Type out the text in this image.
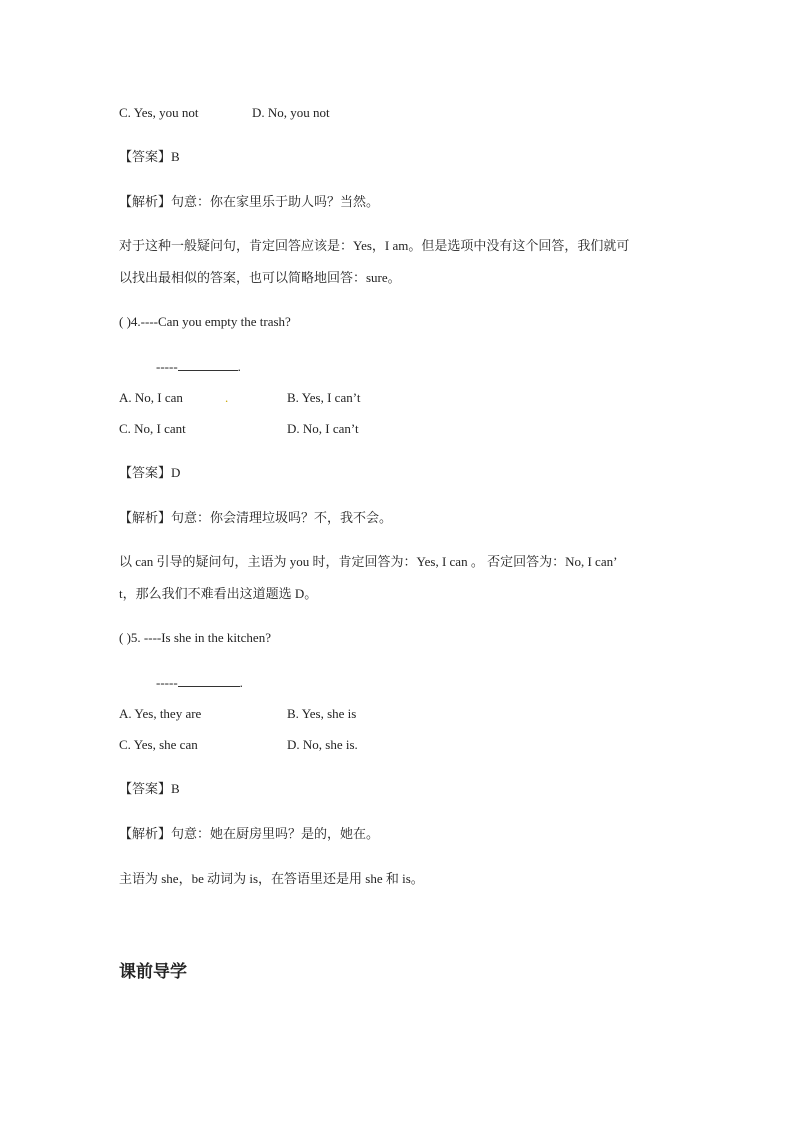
C. Yes, you not	D. No, you not
【答案】B
【解析】句意：你在家里乐于助人吗？当然。
对于这种一般疑问句，肯定回答应该是：Yes，I am。但是选项中没有这个回答，我们就可
以找出最相似的答案，也可以简略地回答：sure。
( )4.---‐Can you empty the trash?
-----	.
A. No, I can	.	B. Yes, I can’t
C. No, I cant	D. No, I can’t
【答案】D
【解析】句意：你会清理垃圾吗？不，我不会。
以 can 引导的疑问句，主语为 you 时，肯定回答为：Yes, I can 。 否定回答为：No, I can’
t，那么我们不难看出这道题选 D。
( )5. ----Is she in the kitchen?
----‐	.
A. Yes, they are	B. Yes, she is
C. Yes, she can	D. No, she is.
【答案】B
【解析】句意：她在厨房里吗？是的，她在。
主语为 she，be 动词为 is，在答语里还是用 she 和 is。
课前导学
